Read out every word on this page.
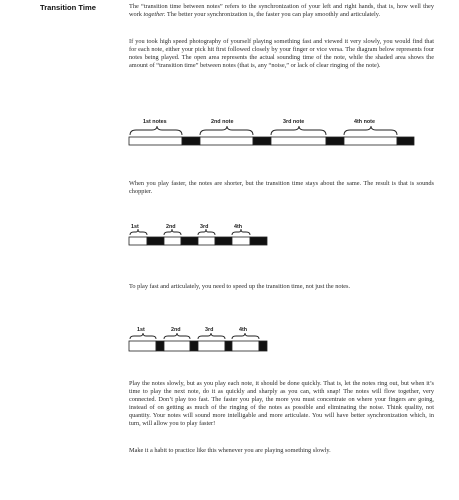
Transition Time	The “transition time between notes” refers to the synchronization of your left and right hands, that is, how well they work together. The better your synchronization is, the faster you can play smoothly and articulately.

If you took high speed photography of yourself playing something fast and viewed it very slowly, you would find that for each note, either your pick hit first followed closely by your finger or vice versa. The diagram below represents four notes being played. The open area represents the actual sounding time of the note, while the shaded area shows the amount of “transition time” between notes (that is, any “noise,” or lack of clear ringing of the note).

1st notes	2nd note	3rd note	4th note

When you play faster, the notes are shorter, but the transition time stays about the same. The result is that is sounds choppier.

1st	2nd	3rd	4th

To play fast and articulately, you need to speed up the transition time, not just the notes.

1st	2nd	3rd	4th

Play the notes slowly, but as you play each note, it should be done quickly. That is, let the notes ring out, but when it’s time to play the next note, do it as quickly and sharply as you can, with snap! The notes will flow together, very connected. Don’t play too fast. The faster you play, the more you must concentrate on where your fingers are going, instead of on getting as much of the ringing of the notes as possible and eliminating the noise. Think quality, not quantity. Your notes will sound more intelligable and more articulate. You will have better synchronization which, in turn, will allow you to play faster!

Make it a habit to practice like this whenever you are playing something slowly.
